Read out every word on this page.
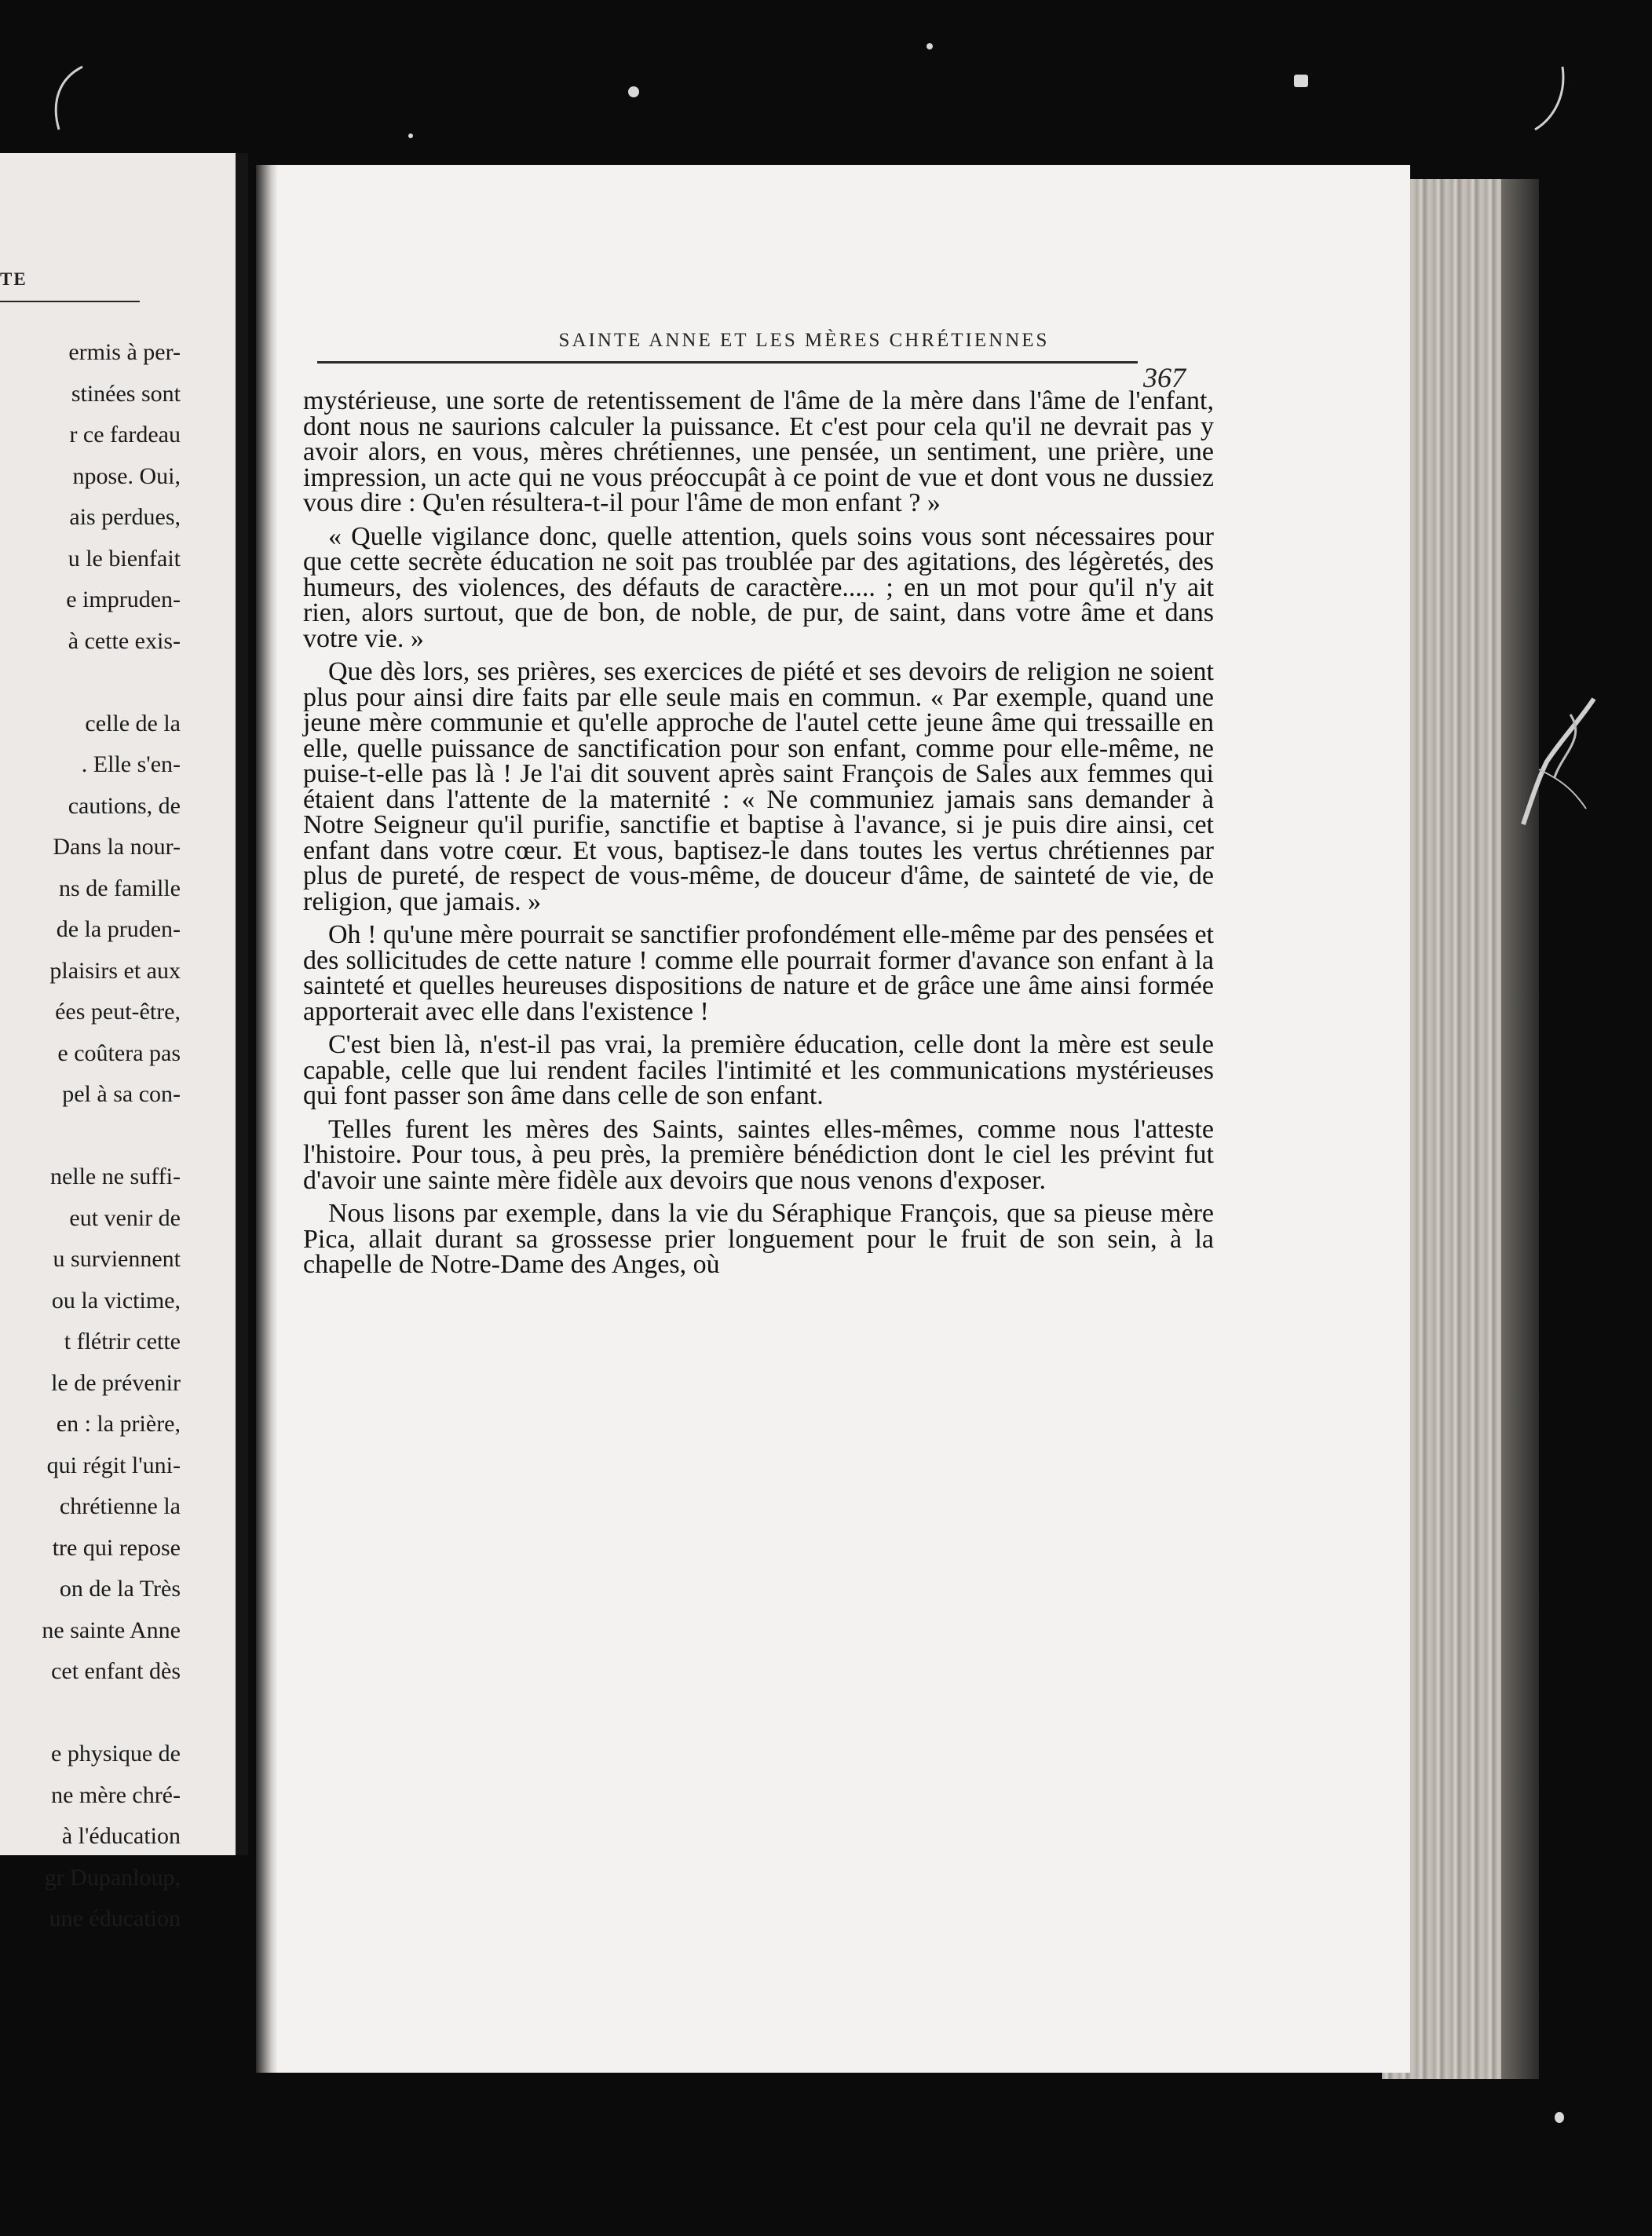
TE
ermis à per-
stinées sont
r ce fardeau
npose. Oui,
ais perdues,
u le bienfait
e impruden-
à cette exis-
celle de la
. Elle s'en-
cautions, de
Dans la nour-
ns de famille
de la pruden-
plaisirs et aux
ées peut-être,
e coûtera pas
pel à sa con-
nelle ne suffi-
eut venir de
u surviennent
ou la victime,
t flétrir cette
le de prévenir
en : la prière,
qui régit l'uni-
chrétienne la
tre qui repose
on de la Très
ne sainte Anne
cet enfant dès
e physique de
ne mère chré-
à l'éducation
gr Dupanloup,
une éducation
SAINTE ANNE ET LES MÈRES CHRÉTIENNES
367

mystérieuse, une sorte de retentissement de l'âme de la mère dans l'âme de l'enfant, dont nous ne saurions calculer la puissance. Et c'est pour cela qu'il ne devrait pas y avoir alors, en vous, mères chrétiennes, une pensée, un sentiment, une prière, une impression, un acte qui ne vous préoccupât à ce point de vue et dont vous ne dussiez vous dire : Qu'en résultera-t-il pour l'âme de mon enfant ? »

« Quelle vigilance donc, quelle attention, quels soins vous sont nécessaires pour que cette secrète éducation ne soit pas troublée par des agitations, des légèretés, des humeurs, des violences, des défauts de caractère..... ; en un mot pour qu'il n'y ait rien, alors surtout, que de bon, de noble, de pur, de saint, dans votre âme et dans votre vie. »

Que dès lors, ses prières, ses exercices de piété et ses devoirs de religion ne soient plus pour ainsi dire faits par elle seule mais en commun. « Par exemple, quand une jeune mère communie et qu'elle approche de l'autel cette jeune âme qui tressaille en elle, quelle puissance de sanctification pour son enfant, comme pour elle-même, ne puise-t-elle pas là ! Je l'ai dit souvent après saint François de Sales aux femmes qui étaient dans l'attente de la maternité : « Ne communiez jamais sans demander à Notre Seigneur qu'il purifie, sanctifie et baptise à l'avance, si je puis dire ainsi, cet enfant dans votre cœur. Et vous, baptisez-le dans toutes les vertus chrétiennes par plus de pureté, de respect de vous-même, de douceur d'âme, de sainteté de vie, de religion, que jamais. »

Oh ! qu'une mère pourrait se sanctifier profondément elle-même par des pensées et des sollicitudes de cette nature ! comme elle pourrait former d'avance son enfant à la sainteté et quelles heureuses dispositions de nature et de grâce une âme ainsi formée apporterait avec elle dans l'existence !

C'est bien là, n'est-il pas vrai, la première éducation, celle dont la mère est seule capable, celle que lui rendent faciles l'intimité et les communications mystérieuses qui font passer son âme dans celle de son enfant.

Telles furent les mères des Saints, saintes elles-mêmes, comme nous l'atteste l'histoire. Pour tous, à peu près, la première bénédiction dont le ciel les prévint fut d'avoir une sainte mère fidèle aux devoirs que nous venons d'exposer.

Nous lisons par exemple, dans la vie du Séraphique François, que sa pieuse mère Pica, allait durant sa grossesse prier longuement pour le fruit de son sein, à la chapelle de Notre-Dame des Anges, où
